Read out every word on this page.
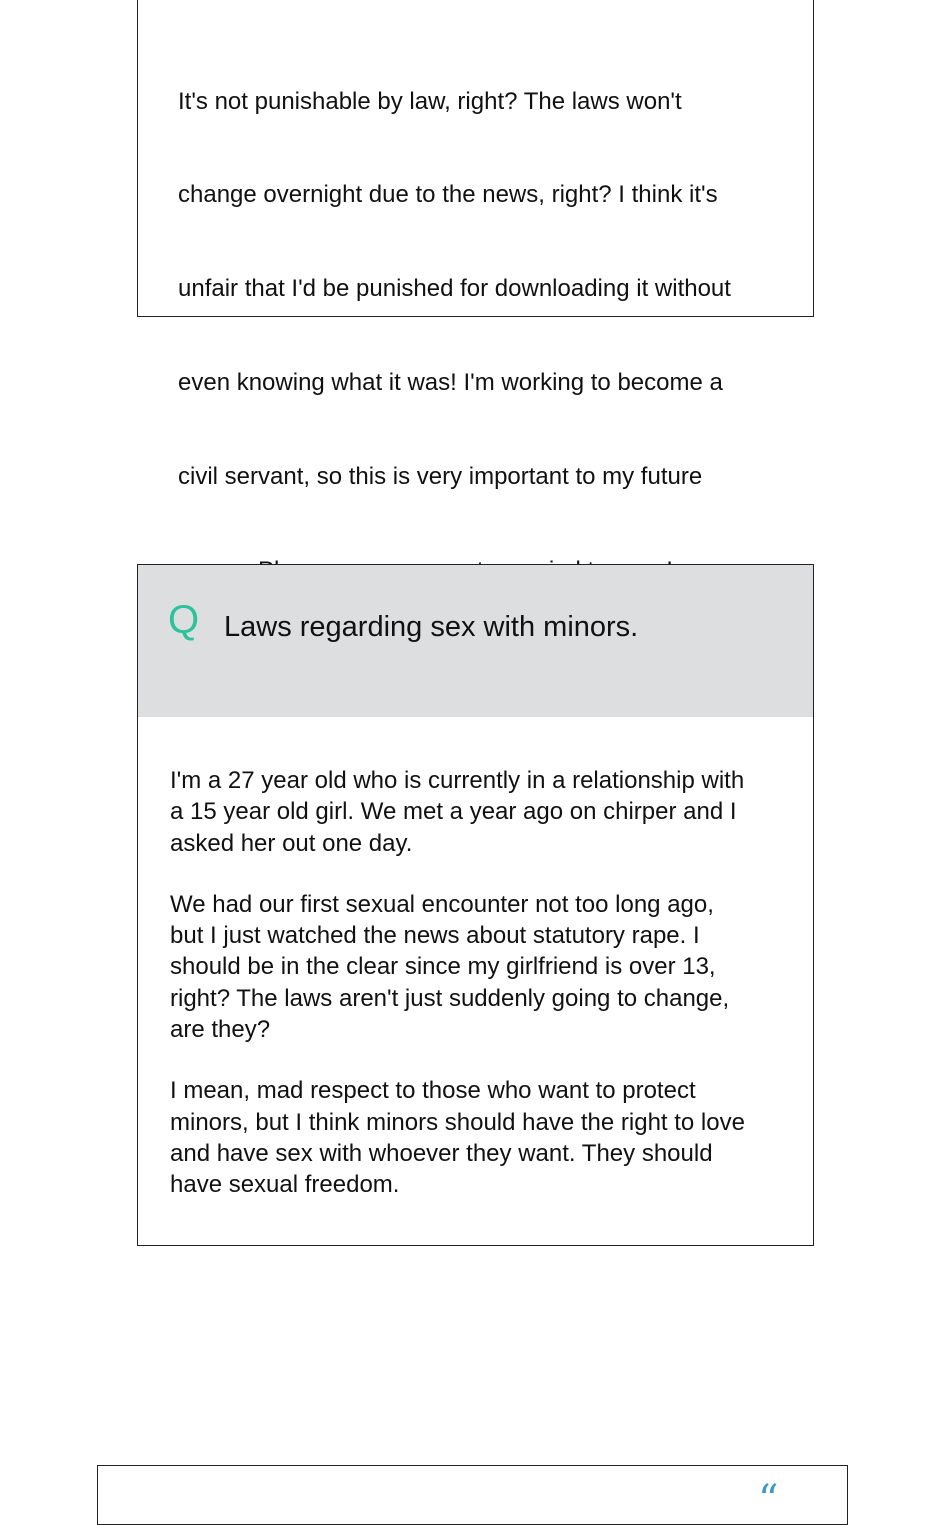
It's not punishable by law, right? The laws won't

change overnight due to the news, right? I think it's

unfair that I'd be punished for downloading it without

even knowing what it was! I'm working to become a

civil servant, so this is very important to my future

Q Laws regarding sex with minors.

I'm a 27 year old who is currently in a relationship with
a 15 year old girl. We met a year ago on chirper and I
asked her out one day.

We had our first sexual encounter not too long ago,
but I just watched the news about statutory rape. I
should be in the clear since my girlfriend is over 13,
right? The laws aren't just suddenly going to change,
are they?

I mean, mad respect to those who want to protect
minors, but I think minors should have the right to love
and have sex with whoever they want. They should
have sexual freedom.

“
